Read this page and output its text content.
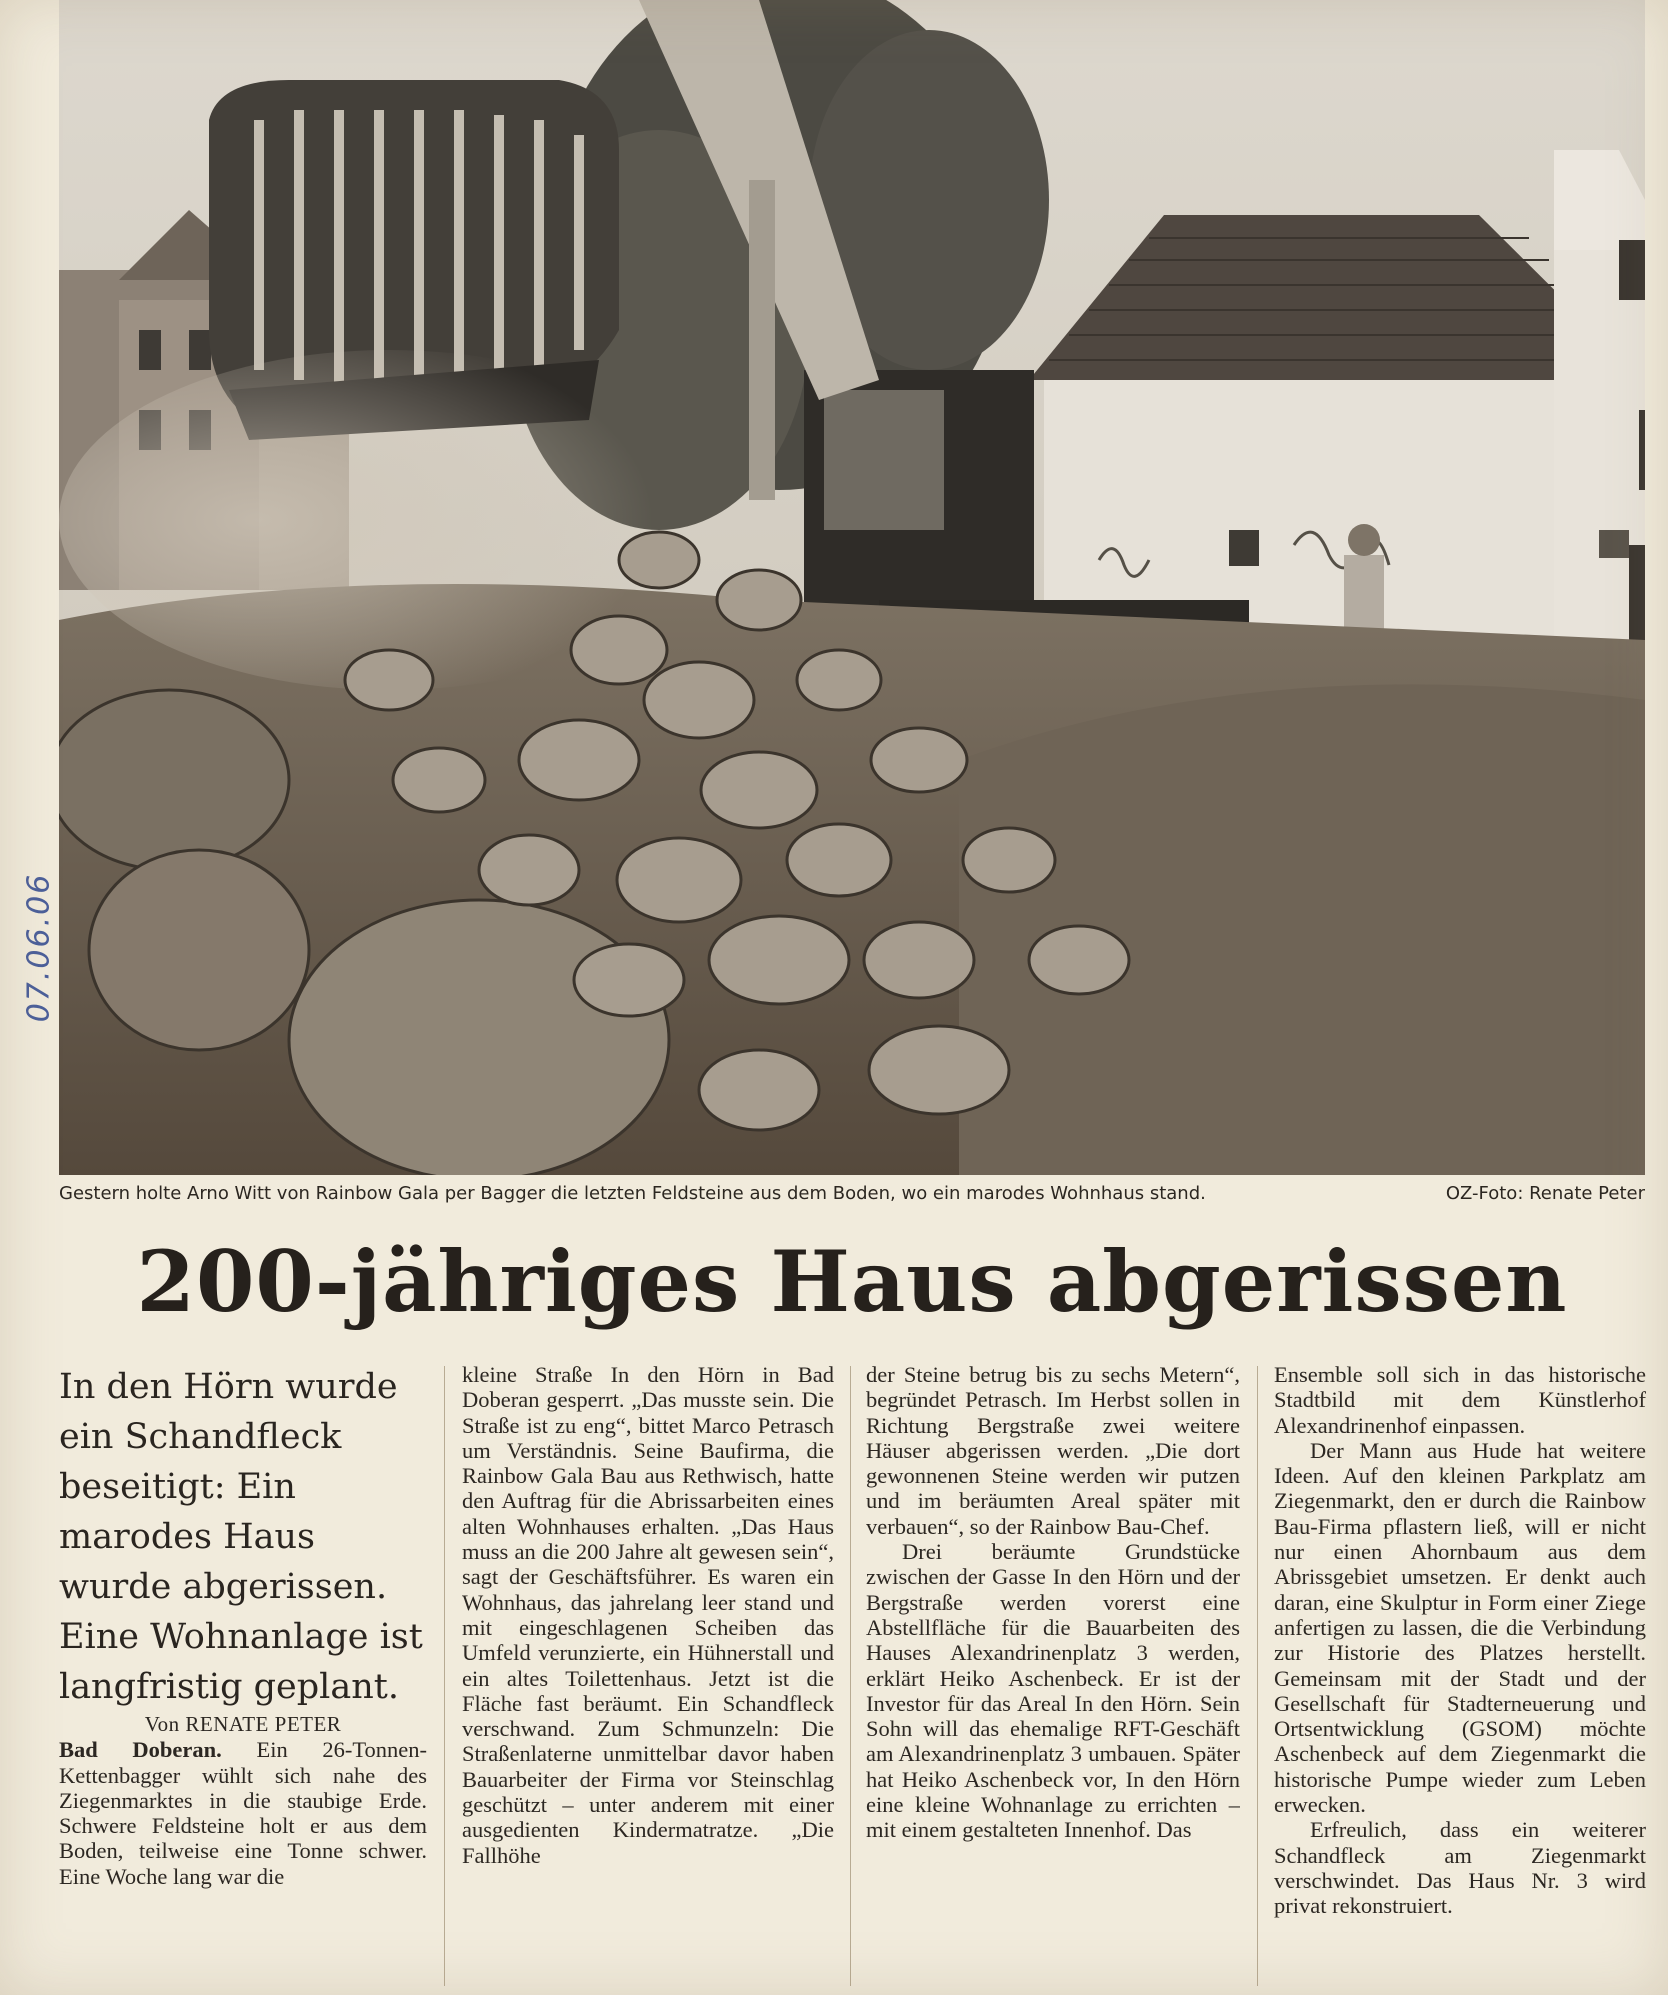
07.06.06
Gestern holte Arno Witt von Rainbow Gala per Bagger die letzten Feldsteine aus dem Boden, wo ein marodes Wohnhaus stand.	OZ-Foto: Renate Peter
200-jähriges Haus abgerissen

In den Hörn wurde ein Schandfleck beseitigt: Ein marodes Haus wurde abgerissen. Eine Wohnanlage ist langfristig geplant.

Von RENATE PETER

Bad Doberan. Ein 26-Tonnen-Kettenbagger wühlt sich nahe des Ziegenmarktes in die staubige Erde. Schwere Feldsteine holt er aus dem Boden, teilweise eine Tonne schwer. Eine Woche lang war die

kleine Straße In den Hörn in Bad Doberan gesperrt. „Das musste sein. Die Straße ist zu eng“, bittet Marco Petrasch um Verständnis. Seine Baufirma, die Rainbow Gala Bau aus Rethwisch, hatte den Auftrag für die Abrissarbeiten eines alten Wohnhauses erhalten. „Das Haus muss an die 200 Jahre alt gewesen sein“, sagt der Geschäftsführer. Es waren ein Wohnhaus, das jahrelang leer stand und mit eingeschlagenen Scheiben das Umfeld verunzierte, ein Hühnerstall und ein altes Toilettenhaus. Jetzt ist die Fläche fast beräumt. Ein Schandfleck verschwand. Zum Schmunzeln: Die Straßenlaterne unmittelbar davor haben Bauarbeiter der Firma vor Steinschlag geschützt – unter anderem mit einer ausgedienten Kindermatratze. „Die Fallhöhe

der Steine betrug bis zu sechs Metern“, begründet Petrasch. Im Herbst sollen in Richtung Bergstraße zwei weitere Häuser abgerissen werden. „Die dort gewonnenen Steine werden wir putzen und im beräumten Areal später mit verbauen“, so der Rainbow Bau-Chef.

Drei beräumte Grundstücke zwischen der Gasse In den Hörn und der Bergstraße werden vorerst eine Abstellfläche für die Bauarbeiten des Hauses Alexandrinenplatz 3 werden, erklärt Heiko Aschenbeck. Er ist der Investor für das Areal In den Hörn. Sein Sohn will das ehemalige RFT-Geschäft am Alexandrinenplatz 3 umbauen. Später hat Heiko Aschenbeck vor, In den Hörn eine kleine Wohnanlage zu errichten – mit einem gestalteten Innenhof. Das

Ensemble soll sich in das historische Stadtbild mit dem Künstlerhof Alexandrinenhof einpassen.

Der Mann aus Hude hat weitere Ideen. Auf den kleinen Parkplatz am Ziegenmarkt, den er durch die Rainbow Bau-Firma pflastern ließ, will er nicht nur einen Ahornbaum aus dem Abrissgebiet umsetzen. Er denkt auch daran, eine Skulptur in Form einer Ziege anfertigen zu lassen, die die Verbindung zur Historie des Platzes herstellt. Gemeinsam mit der Stadt und der Gesellschaft für Stadterneuerung und Ortsentwicklung (GSOM) möchte Aschenbeck auf dem Ziegenmarkt die historische Pumpe wieder zum Leben erwecken.

Erfreulich, dass ein weiterer Schandfleck am Ziegenmarkt verschwindet. Das Haus Nr. 3 wird privat rekonstruiert.
